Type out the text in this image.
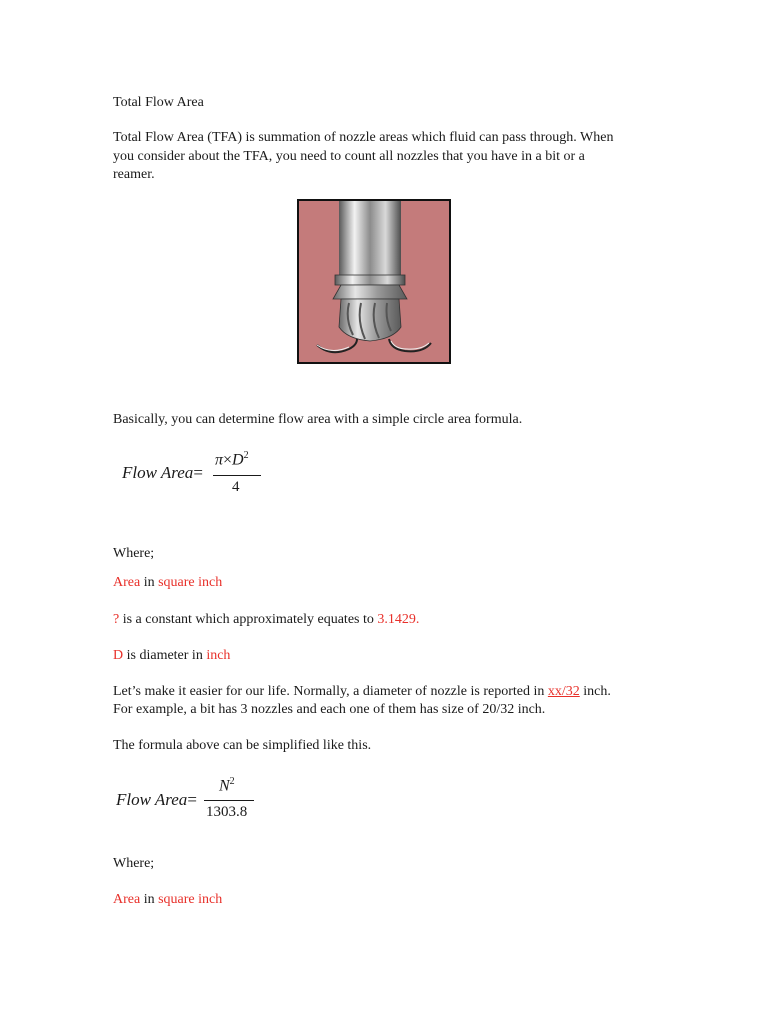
Total Flow Area

Total Flow Area (TFA) is summation of nozzle areas which fluid can pass through. When

you consider about the TFA, you need to count all nozzles that you have in a bit or a

reamer.

Basically, you can determine flow area with a simple circle area formula.

Flow Area=
$\pi\times D^2$
4

Where;

Area in square inch

? is a constant which approximately equates to 3.1429.

D is diameter in inch

Let’s make it easier for our life. Normally, a diameter of nozzle is reported in xx/32 inch.

For example, a bit has 3 nozzles and each one of them has size of 20/32 inch.

The formula above can be simplified like this.

Flow Area=
$N^2$
1303.8

Where;

Area in square inch
